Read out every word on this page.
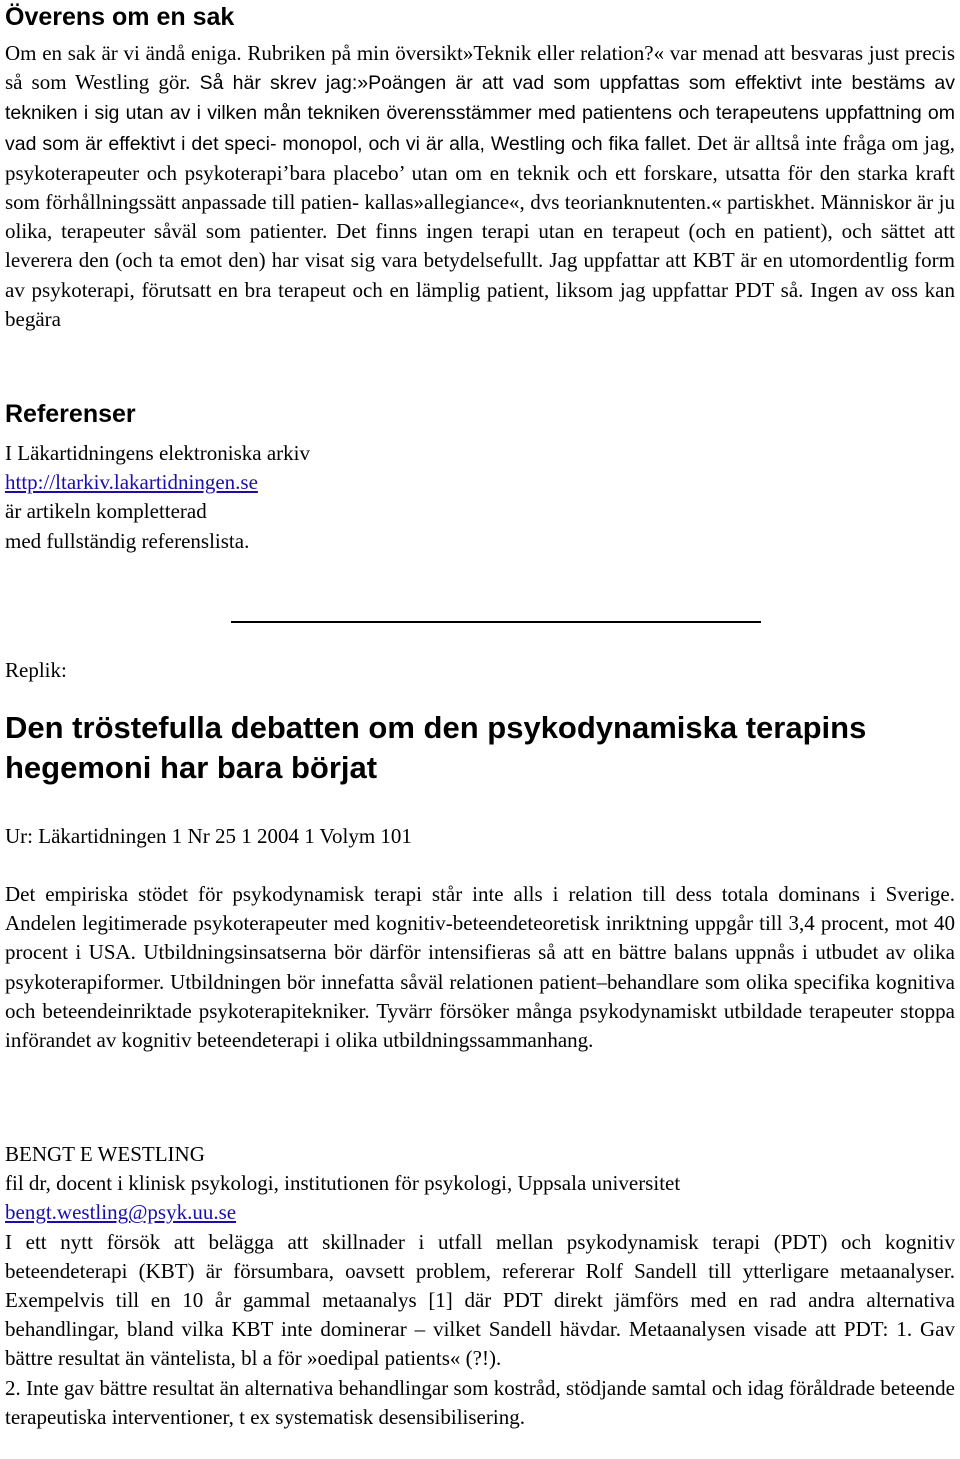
Överens om en sak

Om en sak är vi ändå eniga. Rubriken på min översikt»Teknik eller relation?« var menad att besvaras just precis så som Westling gör. Så här skrev jag:»Poängen är att vad som uppfattas som effektivt inte bestäms av tekniken i sig utan av i vilken mån tekniken överensstämmer med patientens och terapeutens uppfattning om vad som är effektivt i det speci- monopol, och vi är alla, Westling och fika fallet. Det är alltså inte fråga om jag, psykoterapeuter och psykoterapi’bara placebo’ utan om en teknik och ett forskare, utsatta för den starka kraft som förhållningssätt anpassade till patien- kallas»allegiance«, dvs teorianknutenten.« partiskhet. Människor är ju olika, terapeuter såväl som patienter. Det finns ingen terapi utan en terapeut (och en patient), och sättet att leverera den (och ta emot den) har visat sig vara betydelsefullt. Jag uppfattar att KBT är en utomordentlig form av psykoterapi, förutsatt en bra terapeut och en lämplig patient, liksom jag uppfattar PDT så. Ingen av oss kan begära

Referenser

I Läkartidningens elektroniska arkiv

http://ltarkiv.lakartidningen.se

är artikeln kompletterad

med fullständig referenslista.

Replik:
Den tröstefulla debatten om den psykodynamiska terapins hegemoni har bara börjat
Ur: Läkartidningen 1 Nr 25 1 2004 1 Volym 101

Det empiriska stödet för psykodynamisk terapi står inte alls i relation till dess totala dominans i Sverige. Andelen legitimerade psykoterapeuter med kognitiv-beteendeteoretisk inriktning uppgår till 3,4 procent, mot 40 procent i USA. Utbildningsinsatserna bör därför intensifieras så att en bättre balans uppnås i utbudet av olika psykoterapiformer. Utbildningen bör innefatta såväl relationen patient–behandlare som olika specifika kognitiva och beteendeinriktade psykoterapitekniker. Tyvärr försöker många psykodynamiskt utbildade terapeuter stoppa införandet av kognitiv beteendeterapi i olika utbildningssammanhang.

BENGT E WESTLING

fil dr, docent i klinisk psykologi, institutionen för psykologi, Uppsala universitet

bengt.westling@psyk.uu.se

I ett nytt försök att belägga att skillnader i utfall mellan psykodynamisk terapi (PDT) och kognitiv beteendeterapi (KBT) är försumbara, oavsett problem, refererar Rolf Sandell till ytterligare metaanalyser. Exempelvis till en 10 år gammal metaanalys [1] där PDT direkt jämförs med en rad andra alternativa behandlingar, bland vilka KBT inte dominerar – vilket Sandell hävdar. Metaanalysen visade att PDT: 1. Gav bättre resultat än väntelista, bl a för »oedipal patients« (?!).

2. Inte gav bättre resultat än alternativa behandlingar som kostråd, stödjande samtal och idag föråldrade beteende terapeutiska interventioner, t ex systematisk desensibilisering.
